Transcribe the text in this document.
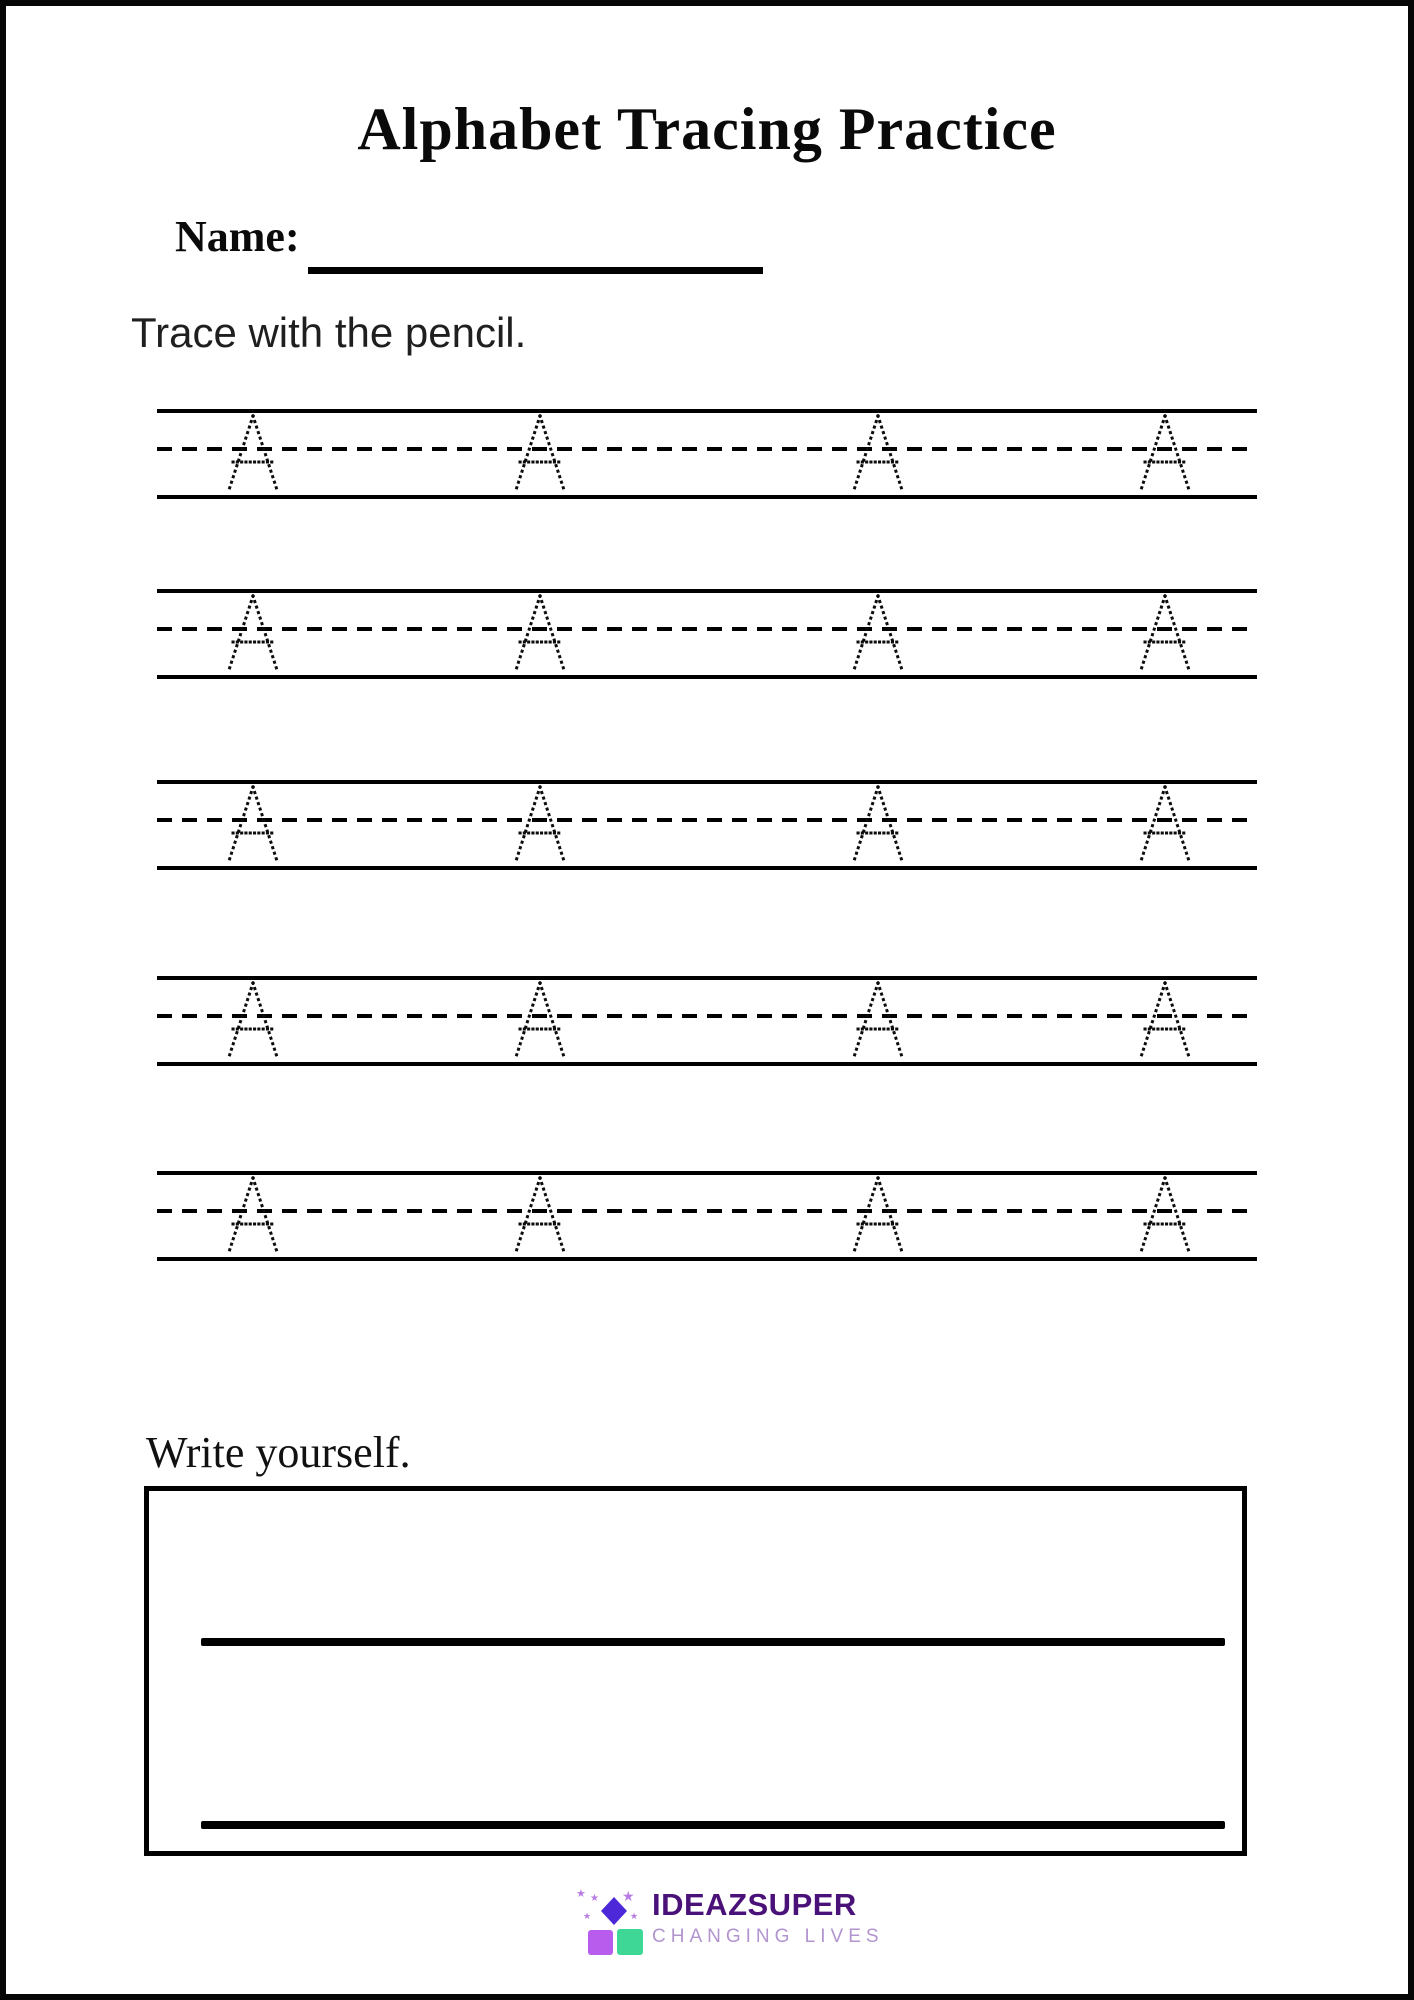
Alphabet Tracing Practice
Name:
Trace with the pencil.
Write yourself.
★ ★ ★
★	★ IDEAZSUPER
CHANGING LIVES
